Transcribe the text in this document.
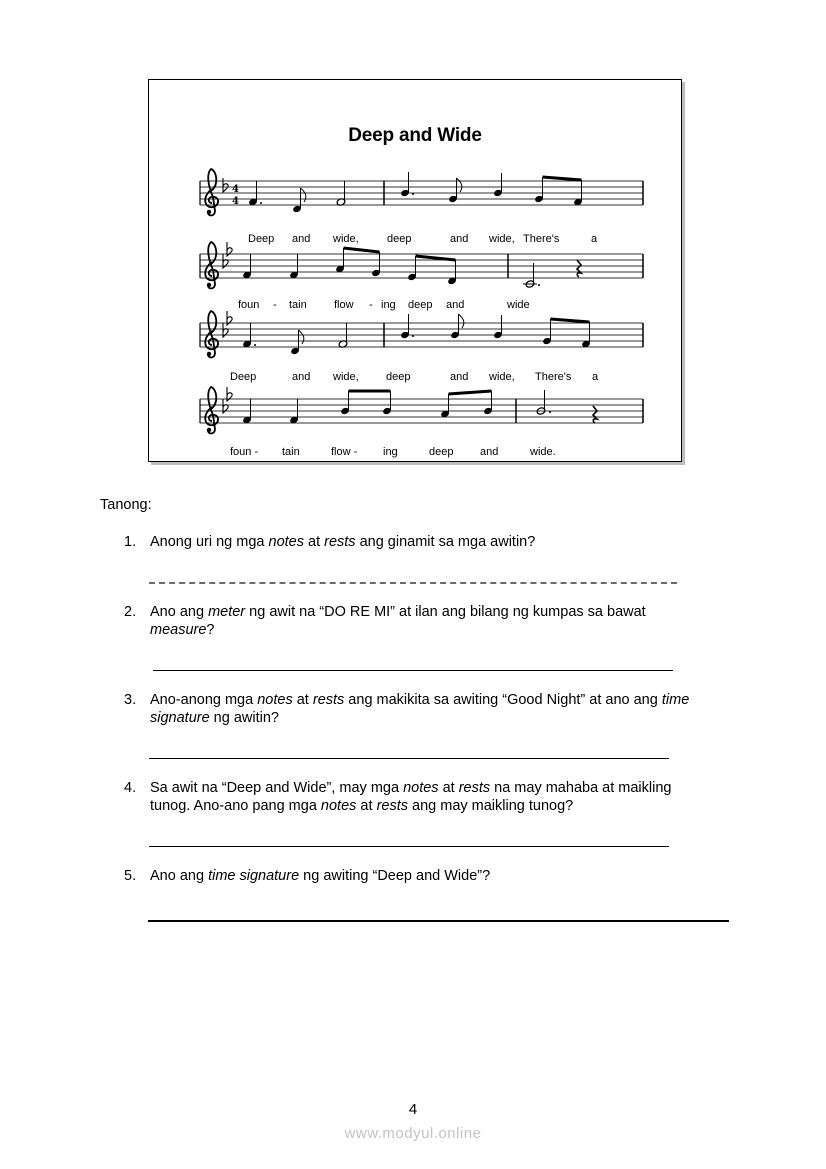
Deep and Wide
4
4
Deep and wide,	deep	and wide, There's	a
foun - tain flow - ing deep and	wide
Deep	and wide, deep	and wide, There's a
foun - tain	flow - ing	deep and	wide.
Tanong:
1. Anong uri ng mga notes at rests ang ginamit sa mga awitin?
2. Ano ang meter ng awit na “DO RE MI” at ilan ang bilang ng kumpas sa bawat
measure?
3. Ano-anong mga notes at rests ang makikita sa awiting “Good Night” at ano ang time
signature ng awitin?
4. Sa awit na “Deep and Wide”, may mga notes at rests na may mahaba at maikling
tunog. Ano-ano pang mga notes at rests ang may maikling tunog?
5. Ano ang time signature ng awiting “Deep and Wide”?
4
www.modyul.online
